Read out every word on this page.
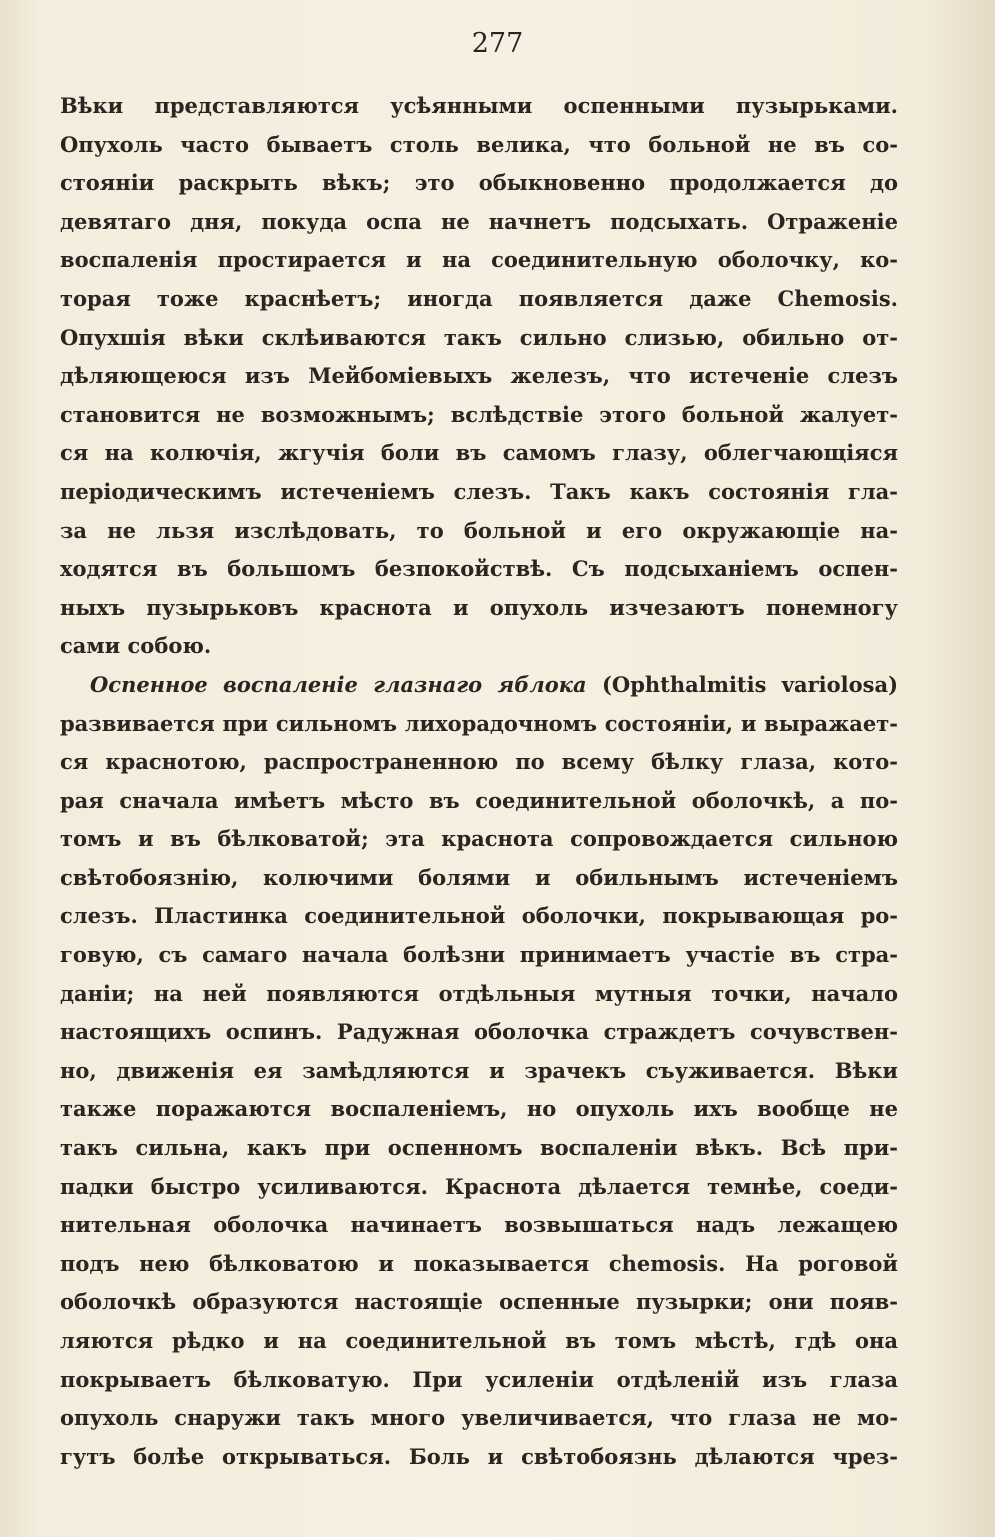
277
Вѣки представляются усѣянными оспенными пузырьками.
Опухоль часто бываетъ столь велика, что больной не въ со-
стояніи раскрыть вѣкъ; это обыкновенно продолжается до
девятаго дня, покуда оспа не начнетъ подсыхать. Отраженіе
воспаленія простирается и на соединительную оболочку, ко-
торая тоже краснѣетъ; иногда появляется даже Chemosis.
Опухшія вѣки склѣиваются такъ сильно слизью, обильно от-
дѣляющеюся изъ Мейбоміевыхъ железъ, что истеченіе слезъ
становится не возможнымъ; вслѣдствіе этого больной жалует-
ся на колючія, жгучія боли въ самомъ глазу, облегчающіяся
періодическимъ истеченіемъ слезъ. Такъ какъ состоянія гла-
за не льзя изслѣдовать, то больной и его окружающіе на-
ходятся въ большомъ безпокойствѣ. Съ подсыханіемъ оспен-
ныхъ пузырьковъ краснота и опухоль изчезаютъ понемногу
сами собою.
Оспенное воспаленіе глазнаго яблока (Ophthalmitis variolosa)
развивается при сильномъ лихорадочномъ состояніи, и выражает-
ся краснотою, распространенною по всему бѣлку глаза, кото-
рая сначала имѣетъ мѣсто въ соединительной оболочкѣ, а по-
томъ и въ бѣлковатой; эта краснота сопровождается сильною
свѣтобоязнію, колючими болями и обильнымъ истеченіемъ
слезъ. Пластинка соединительной оболочки, покрывающая ро-
говую, съ самаго начала болѣзни принимаетъ участіе въ стра-
даніи; на ней появляются отдѣльныя мутныя точки, начало
настоящихъ оспинъ. Радужная оболочка страждетъ сочувствен-
но, движенія ея замѣдляются и зрачекъ съуживается. Вѣки
также поражаются воспаленіемъ, но опухоль ихъ вообще не
такъ сильна, какъ при оспенномъ воспаленіи вѣкъ. Всѣ при-
падки быстро усиливаются. Краснота дѣлается темнѣе, соеди-
нительная оболочка начинаетъ возвышаться надъ лежащею
подъ нею бѣлковатою и показывается chemosis. На роговой
оболочкѣ образуются настоящіе оспенные пузырки; они появ-
ляются рѣдко и на соединительной въ томъ мѣстѣ, гдѣ она
покрываетъ бѣлковатую. При усиленіи отдѣленій изъ глаза
опухоль снаружи такъ много увеличивается, что глаза не мо-
гутъ болѣе открываться. Боль и свѣтобоязнь дѣлаются чрез-
